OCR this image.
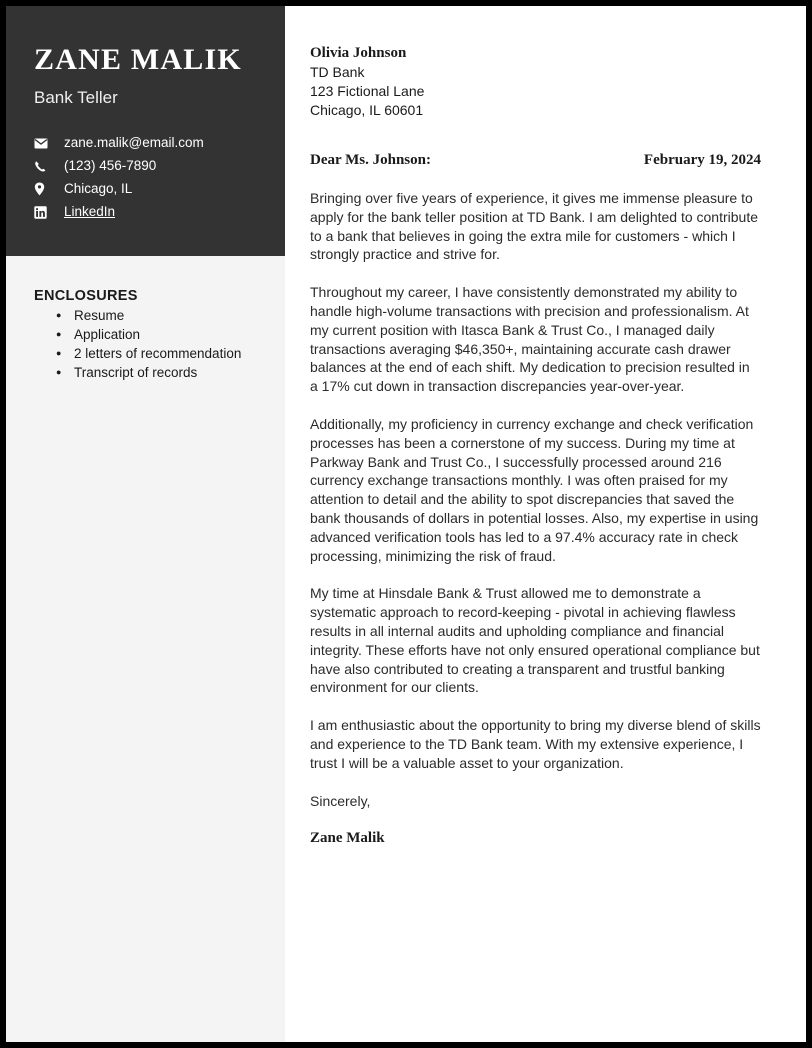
ZANE MALIK
Bank Teller
zane.malik@email.com
(123) 456-7890
Chicago, IL
LinkedIn
ENCLOSURES
● Resume
● Application
● 2 letters of recommendation
● Transcript of records
Olivia Johnson
TD Bank
123 Fictional Lane
Chicago, IL 60601
Dear Ms. Johnson:	February 19, 2024

Bringing over five years of experience, it gives me immense pleasure to apply for the bank teller position at TD Bank. I am delighted to contribute to a bank that believes in going the extra mile for customers - which I strongly practice and strive for.

Throughout my career, I have consistently demonstrated my ability to handle high-volume transactions with precision and professionalism. At my current position with Itasca Bank & Trust Co., I managed daily transactions averaging $46,350+, maintaining accurate cash drawer balances at the end of each shift. My dedication to precision resulted in a 17% cut down in transaction discrepancies year-over-year.

Additionally, my proficiency in currency exchange and check verification processes has been a cornerstone of my success. During my time at Parkway Bank and Trust Co., I successfully processed around 216 currency exchange transactions monthly. I was often praised for my attention to detail and the ability to spot discrepancies that saved the bank thousands of dollars in potential losses. Also, my expertise in using advanced verification tools has led to a 97.4% accuracy rate in check processing, minimizing the risk of fraud.

My time at Hinsdale Bank & Trust allowed me to demonstrate a systematic approach to record-keeping - pivotal in achieving flawless results in all internal audits and upholding compliance and financial integrity. These efforts have not only ensured operational compliance but have also contributed to creating a transparent and trustful banking environment for our clients.

I am enthusiastic about the opportunity to bring my diverse blend of skills and experience to the TD Bank team. With my extensive experience, I trust I will be a valuable asset to your organization.

Sincerely,
Zane Malik
